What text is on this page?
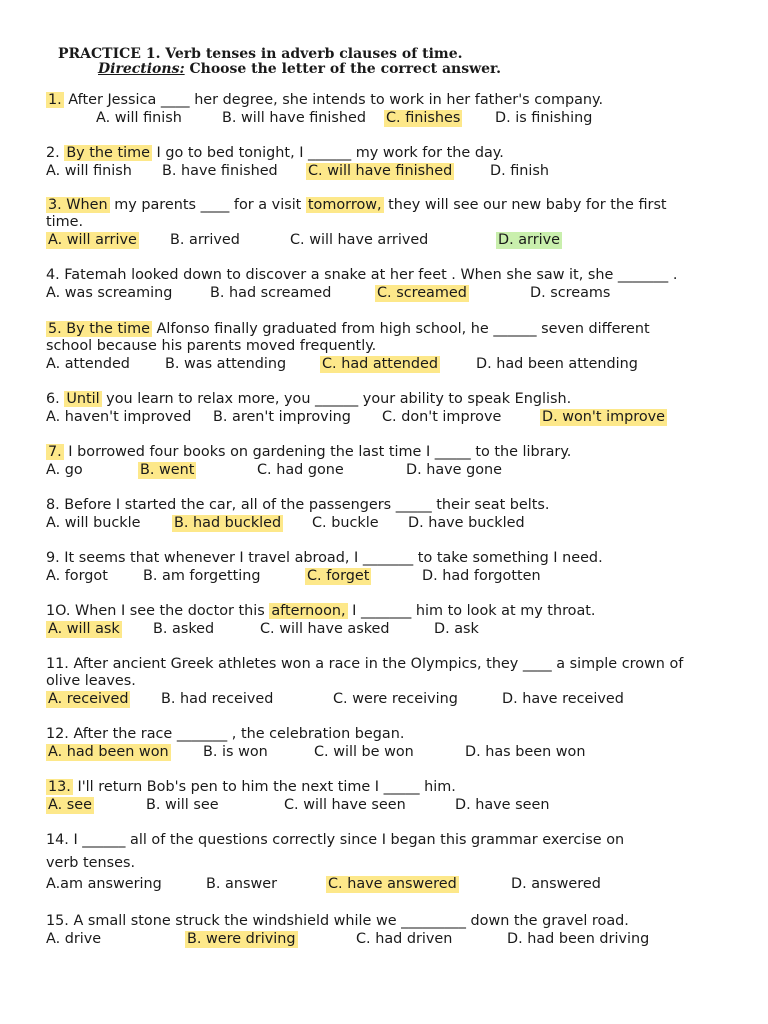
PRACTICE 1. Verb tenses in adverb clauses of time.
Directions: Choose the letter of the correct answer.
1. After Jessica ____ her degree, she intends to work in her father's company.
A. will finish	B. will have finished C. finishes D. is finishing
2. By the time I go to bed tonight, I ______ my work for the day.
A. will finish B. have finished C. will have finished	D. finish
3. When my parents ____ for a visit tomorrow, they will see our new baby for the first
time.
A. will arrive B. arrived	C. will have arrived	D. arrive
4. Fatemah looked down to discover a snake at her feet . When she saw it, she _______ .
A. was screaming	B. had screamed	C. screamed	D. screams
5. By the time Alfonso finally graduated from high school, he ______ seven different
school because his parents moved frequently.
A. attended B. was attending C. had attended	D. had been attending
6. Until you learn to relax more, you ______ your ability to speak English.
A. haven't improved B. aren't improving C. don't improve	D. won't improve
7. I borrowed four books on gardening the last time I _____ to the library.
A. go	B. went	C. had gone	D. have gone
8. Before I started the car, all of the passengers _____ their seat belts.
A. will buckle B. had buckled C. buckle D. have buckled
9. It seems that whenever I travel abroad, I _______ to take something I need.
A. forgot B. am forgetting	C. forget	D. had forgotten
1O. When I see the doctor this afternoon, I _______ him to look at my throat.
A. will ask B. asked	C. will have asked	D. ask
11. After ancient Greek athletes won a race in the Olympics, they ____ a simple crown of
olive leaves.
A. received B. had received	C. were receiving	D. have received
12. After the race _______ , the celebration began.
A. had been won B. is won	C. will be won	D. has been won
13. I'll return Bob's pen to him the next time I _____ him.
A. see	B. will see	C. will have seen	D. have seen
14. I ______ all of the questions correctly since I began this grammar exercise on
verb tenses.
A.am answering	B. answer	C. have answered	D. answered
15. A small stone struck the windshield while we _________ down the gravel road.
A. drive	B. were driving	C. had driven	D. had been driving
